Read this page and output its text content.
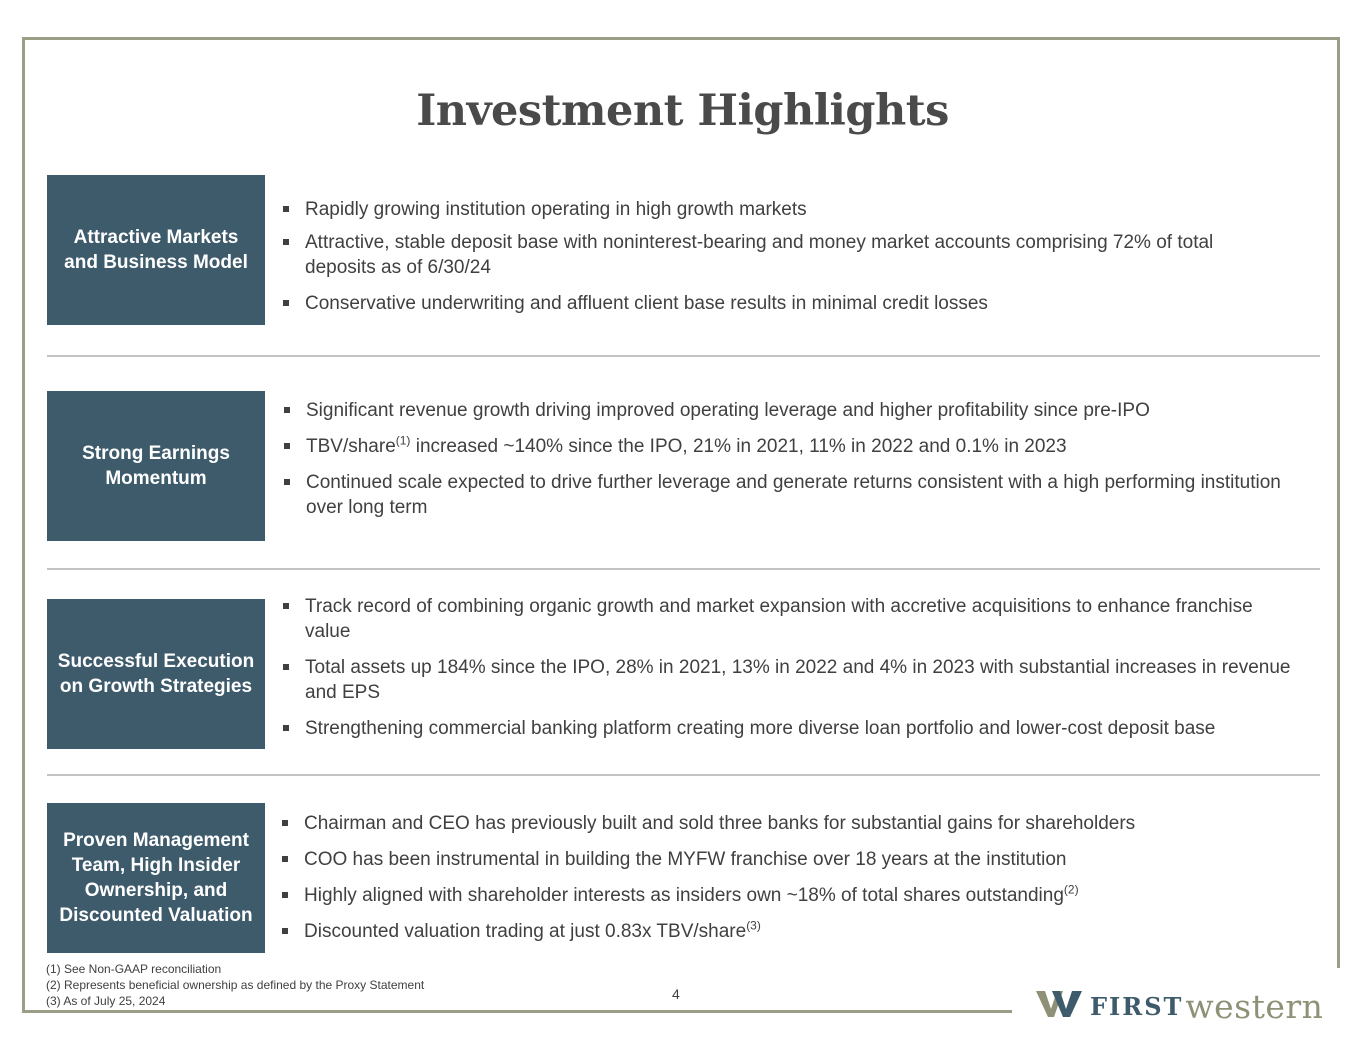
Investment Highlights
Attractive Markets and Business Model
Rapidly growing institution operating in high growth markets
Attractive, stable deposit base with noninterest-bearing and money market accounts comprising 72% of total deposits as of 6/30/24
Conservative underwriting and affluent client base results in minimal credit losses
Strong Earnings Momentum
Significant revenue growth driving improved operating leverage and higher profitability since pre-IPO
TBV/share$^{(1)}$ increased ~140% since the IPO, 21% in 2021, 11% in 2022 and 0.1% in 2023
Continued scale expected to drive further leverage and generate returns consistent with a high performing institution over long term
Successful Execution on Growth Strategies
Track record of combining organic growth and market expansion with accretive acquisitions to enhance franchise value
Total assets up 184% since the IPO, 28% in 2021, 13% in 2022 and 4% in 2023 with substantial increases in revenue and EPS
Strengthening commercial banking platform creating more diverse loan portfolio and lower-cost deposit base
Proven Management Team, High Insider Ownership, and Discounted Valuation
Chairman and CEO has previously built and sold three banks for substantial gains for shareholders
COO has been instrumental in building the MYFW franchise over 18 years at the institution
Highly aligned with shareholder interests as insiders own ~18% of total shares outstanding$^{(2)}$
Discounted valuation trading at just 0.83x TBV/share$^{(3)}$
(1) See Non-GAAP reconciliation
(2) Represents beneficial ownership as defined by the Proxy Statement
(3) As of July 25, 2024	4	FIRST western
